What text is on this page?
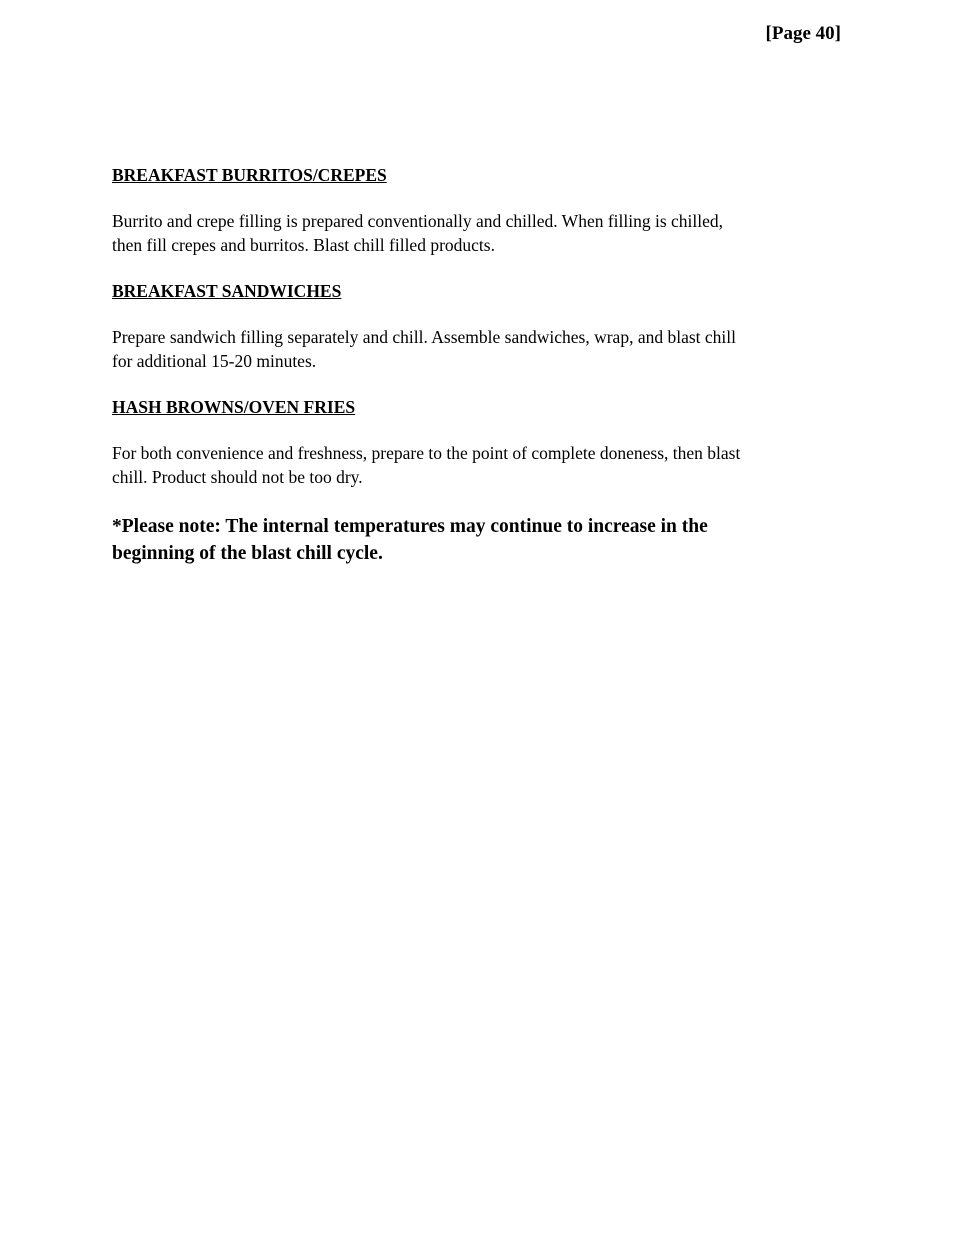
[Page 40]

BREAKFAST BURRITOS/CREPES

Burrito and crepe filling is prepared conventionally and chilled. When filling is chilled,
then fill crepes and burritos. Blast chill filled products.

BREAKFAST SANDWICHES

Prepare sandwich filling separately and chill. Assemble sandwiches, wrap, and blast chill
for additional 15-20 minutes.

HASH BROWNS/OVEN FRIES

For both convenience and freshness, prepare to the point of complete doneness, then blast
chill. Product should not be too dry.

*Please note: The internal temperatures may continue to increase in the
beginning of the blast chill cycle.
